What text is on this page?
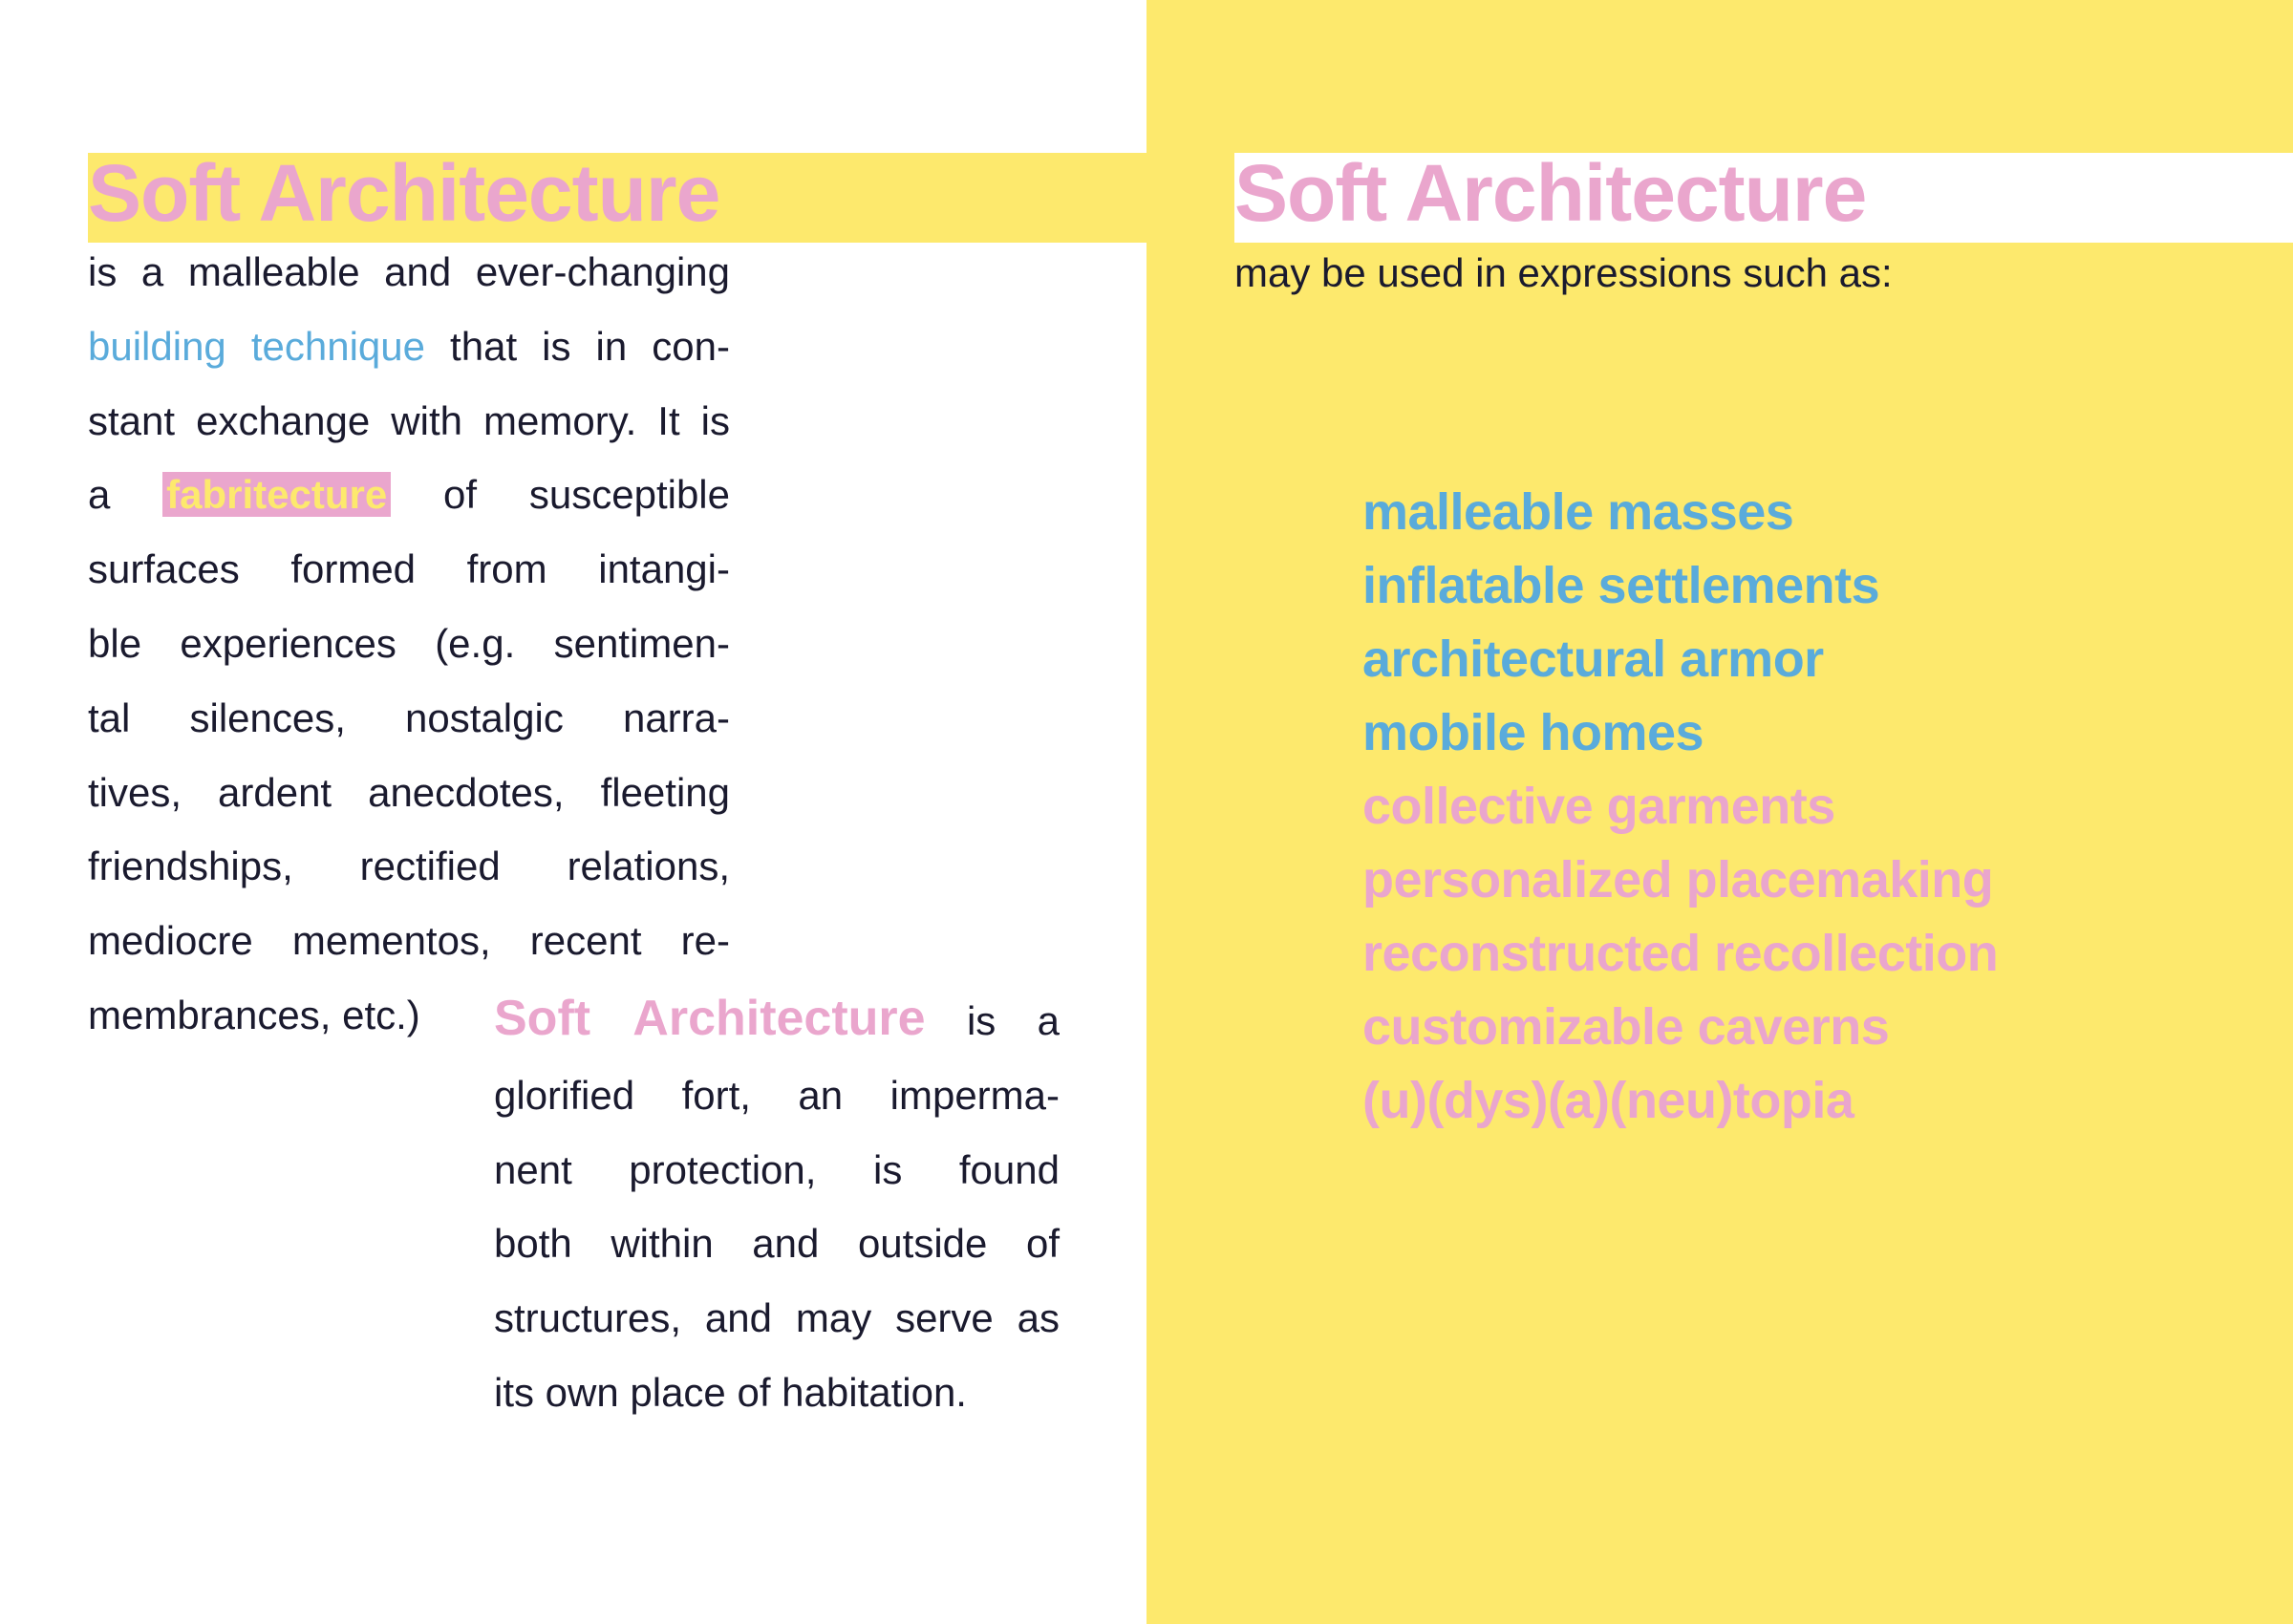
Soft Architecture
is a malleable and ever-changing
building technique that is in con-
stant exchange with memory. It is
a fabritecture of susceptible
surfaces formed from intangi-
ble experiences (e.g. sentimen-
tal silences, nostalgic narra-
tives, ardent anecdotes, fleeting
friendships, rectified relations,
mediocre mementos, recent re-
membrances, etc.)	Soft Architecture is a
glorified fort, an imperma-
nent protection, is found
both within and outside of
structures, and may serve as
its own place of habitation.
Soft Architecture

may be used in expressions such as:

malleable masses
inflatable settlements
architectural armor
mobile homes
collective garments
personalized placemaking
reconstructed recollection
customizable caverns
(u)(dys)(a)(neu)topia
